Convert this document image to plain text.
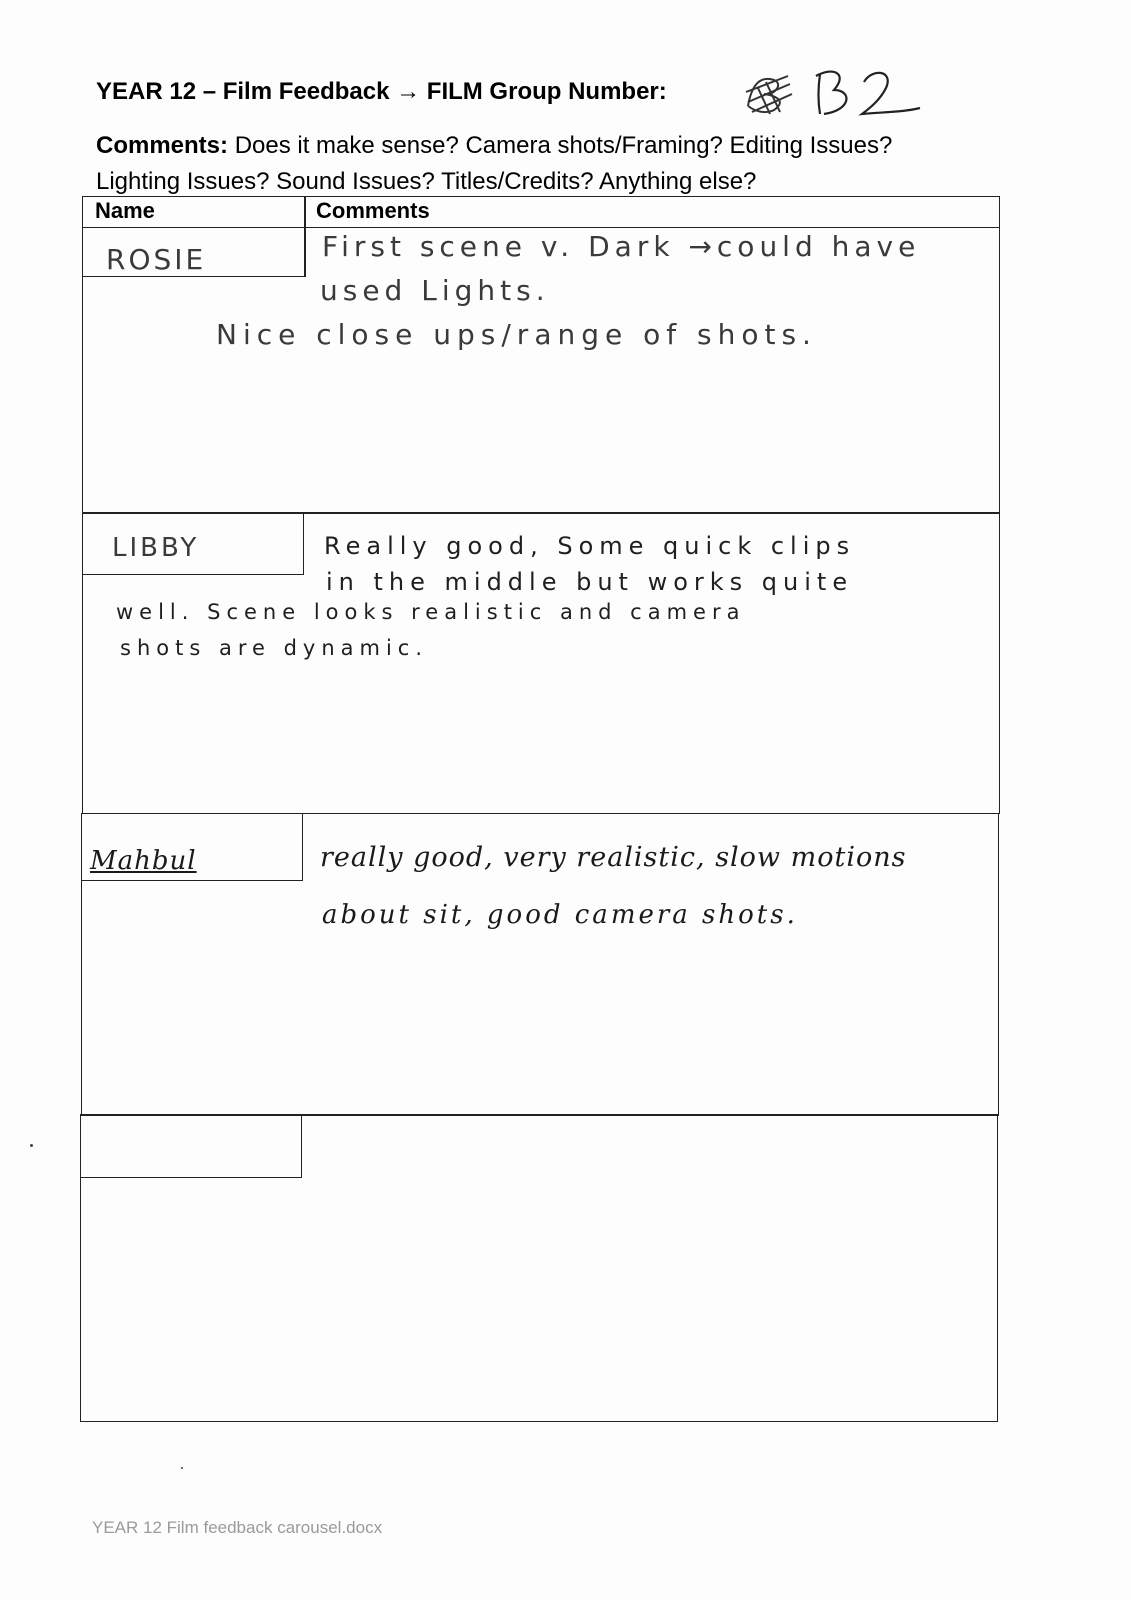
YEAR 12 – Film Feedback → FILM Group Number:
Comments: Does it make sense? Camera shots/Framing? Editing Issues?
Lighting Issues? Sound Issues? Titles/Credits? Anything else?
Name	Comments
ROSIE	First scene v. Dark →could have
used Lights.
Nice close ups/range of shots.
LIBBY	Really good, Some quick clips
in the middle but works quite
well. Scene looks realistic and camera
shots are dynamic.
Mahbul	really good, very realistic, slow motions
about sit, good camera shots.
YEAR 12 Film feedback carousel.docx
